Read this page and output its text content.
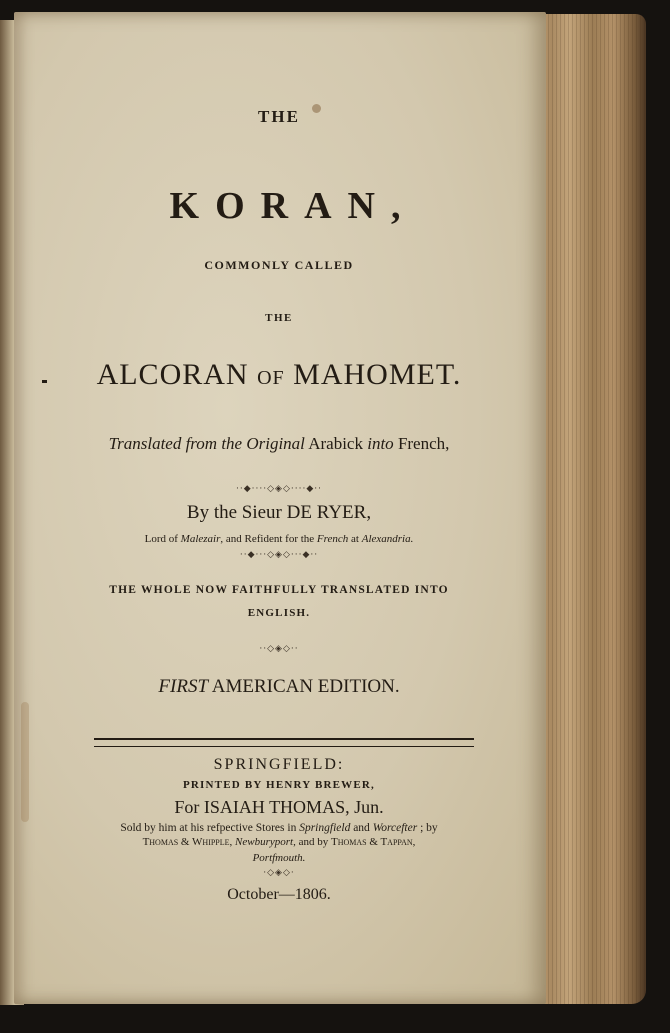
THE
KORAN,
COMMONLY CALLED
THE
ALCORAN OF MAHOMET.
Translated from the Original Arabick into French,
··◆····◇◈◇····◆··
By the Sieur DE RYER,
Lord of Malezair, and Refident for the French at Alexandria.
··◆···◇◈◇···◆··
THE WHOLE NOW FAITHFULLY TRANSLATED INTO
ENGLISH.
··◇◈◇··
FIRST AMERICAN EDITION.
SPRINGFIELD:
PRINTED BY HENRY BREWER,
For ISAIAH THOMAS, Jun.
Sold by him at his refpective Stores in Springfield and Worcefter ; by
Thomas & Whipple, Newburyport, and by Thomas & Tappan,
Portfmouth.
·◇◈◇·
October—1806.
